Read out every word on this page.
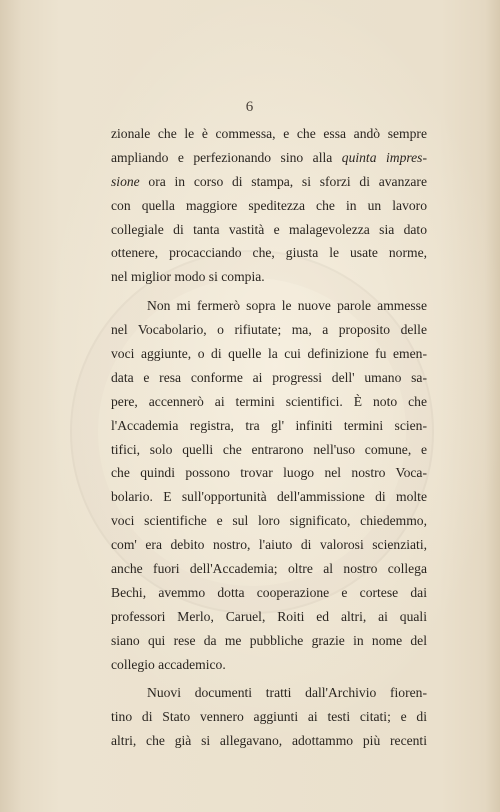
6
zionale che le è commessa, e che essa andò sempre
ampliando e perfezionando sino alla quinta impres-
sione ora in corso di stampa, si sforzi di avanzare
con quella maggiore speditezza che in un lavoro
collegiale di tanta vastità e malagevolezza sia dato
ottenere, procacciando che, giusta le usate norme,
nel miglior modo si compia.
Non mi fermerò sopra le nuove parole ammesse
nel Vocabolario, o rifiutate; ma, a proposito delle
voci aggiunte, o di quelle la cui definizione fu emen-
data e resa conforme ai progressi dell' umano sa-
pere, accennerò ai termini scientifici. È noto che
l'Accademia registra, tra gl' infiniti termini scien-
tifici, solo quelli che entrarono nell'uso comune, e
che quindi possono trovar luogo nel nostro Voca-
bolario. E sull'opportunità dell'ammissione di molte
voci scientifiche e sul loro significato, chiedemmo,
com' era debito nostro, l'aiuto di valorosi scienziati,
anche fuori dell'Accademia; oltre al nostro collega
Bechi, avemmo dotta cooperazione e cortese dai
professori Merlo, Caruel, Roiti ed altri, ai quali
siano qui rese da me pubbliche grazie in nome del
collegio accademico.
Nuovi documenti tratti dall'Archivio fioren-
tino di Stato vennero aggiunti ai testi citati; e di
altri, che già si allegavano, adottammo più recenti
